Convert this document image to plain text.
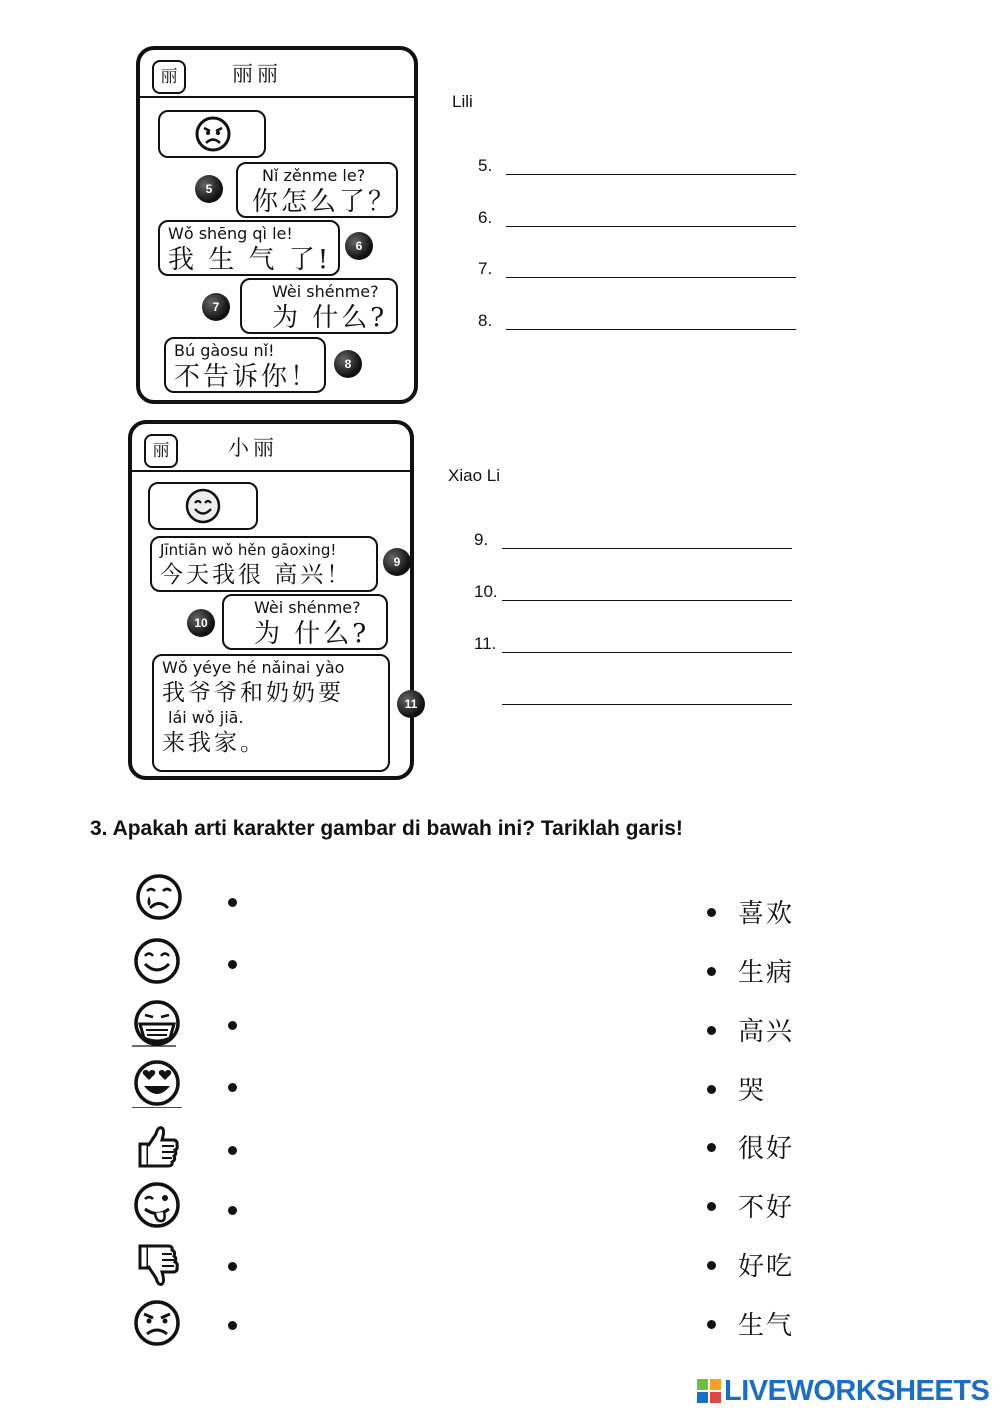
丽	丽丽
Nǐ zěnme le?
你怎么了？
5
Wǒ shēng qì le!
我 生 气 了!	6
Wèi shénme?
为 什么?
7
Bú gàosu nǐ!
不告诉你！	8
Lili
5.
6.
7.
8.
丽	小丽
Jīntiān wǒ hěn gāoxing!
今天我很 高兴！	9
Wèi shénme?
为 什么?
10
Wǒ yéye hé nǎinai yào
我爷爷和奶奶要
lái wǒ jiā.
来我家。
11
Xiao Li
9.
10.
11.
3. Apakah arti karakter gambar di bawah ini? Tariklah garis!
喜欢
生病
高兴
哭
很好
不好
好吃
生气
LIVEWORKSHEETS
